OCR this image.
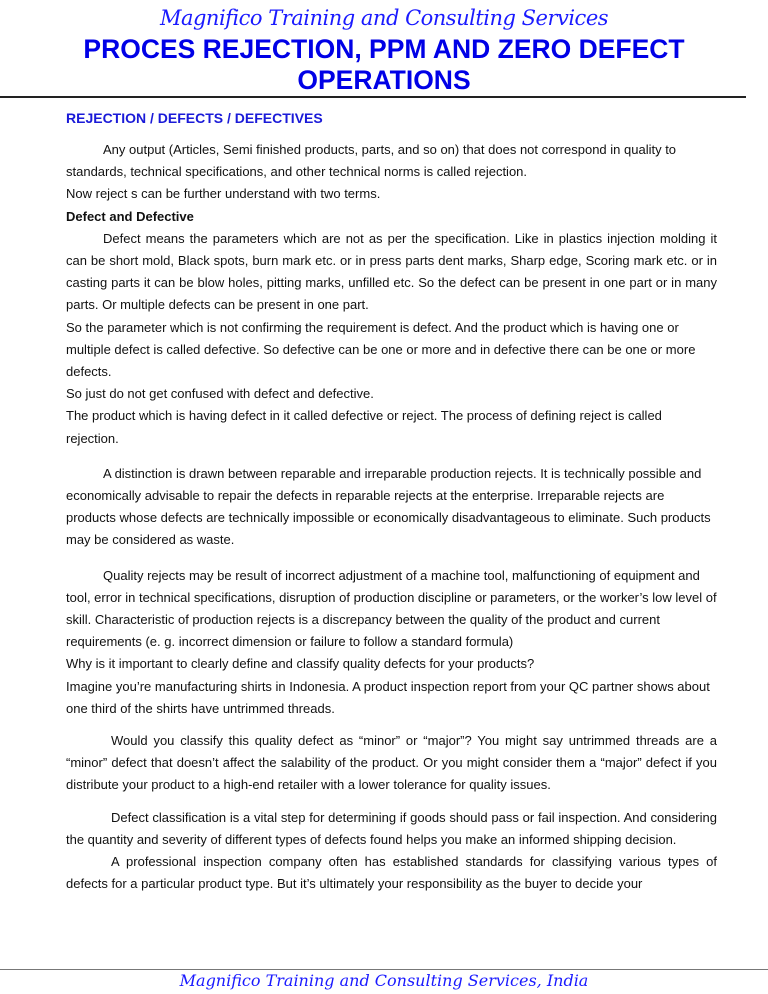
Magnifico Training and Consulting Services
PROCES REJECTION, PPM AND ZERO DEFECT OPERATIONS
REJECTION / DEFECTS / DEFECTIVES

Any output (Articles, Semi finished products, parts, and so on) that does not correspond in quality to standards, technical specifications, and other technical norms is called rejection.

Now reject s can be further understand with two terms.

Defect and Defective

Defect means the parameters which are not as per the specification. Like in plastics injection molding it can be short mold, Black spots, burn mark etc. or in press parts dent marks, Sharp edge, Scoring mark etc. or in casting parts it can be blow holes, pitting marks, unfilled etc. So the defect can be present in one part or in many parts. Or multiple defects can be present in one part.

So the parameter which is not confirming the requirement is defect. And the product which is having one or multiple defect is called defective. So defective can be one or more and in defective there can be one or more defects.

So just do not get confused with defect and defective.

The product which is having defect in it called defective or reject. The process of defining reject is called rejection.

A distinction is drawn between reparable and irreparable production rejects. It is technically possible and economically advisable to repair the defects in reparable rejects at the enterprise. Irreparable rejects are products whose defects are technically impossible or economically disadvantageous to eliminate. Such products may be considered as waste.

Quality rejects may be result of incorrect adjustment of a machine tool, malfunctioning of equipment and tool, error in technical specifications, disruption of production discipline or parameters, or the worker’s low level of skill. Characteristic of production rejects is a discrepancy between the quality of the product and current requirements (e. g. incorrect dimension or failure to follow a standard formula)

Why is it important to clearly define and classify quality defects for your products?

Imagine you’re manufacturing shirts in Indonesia. A product inspection report from your QC partner shows about one third of the shirts have untrimmed threads.

Would you classify this quality defect as “minor” or “major”? You might say untrimmed threads are a “minor” defect that doesn’t affect the salability of the product. Or you might consider them a “major” defect if you distribute your product to a high-end retailer with a lower tolerance for quality issues.

Defect classification is a vital step for determining if goods should pass or fail inspection. And considering the quantity and severity of different types of defects found helps you make an informed shipping decision.

A professional inspection company often has established standards for classifying various types of defects for a particular product type. But it’s ultimately your responsibility as the buyer to decide your

Magnifico Training and Consulting Services, India
